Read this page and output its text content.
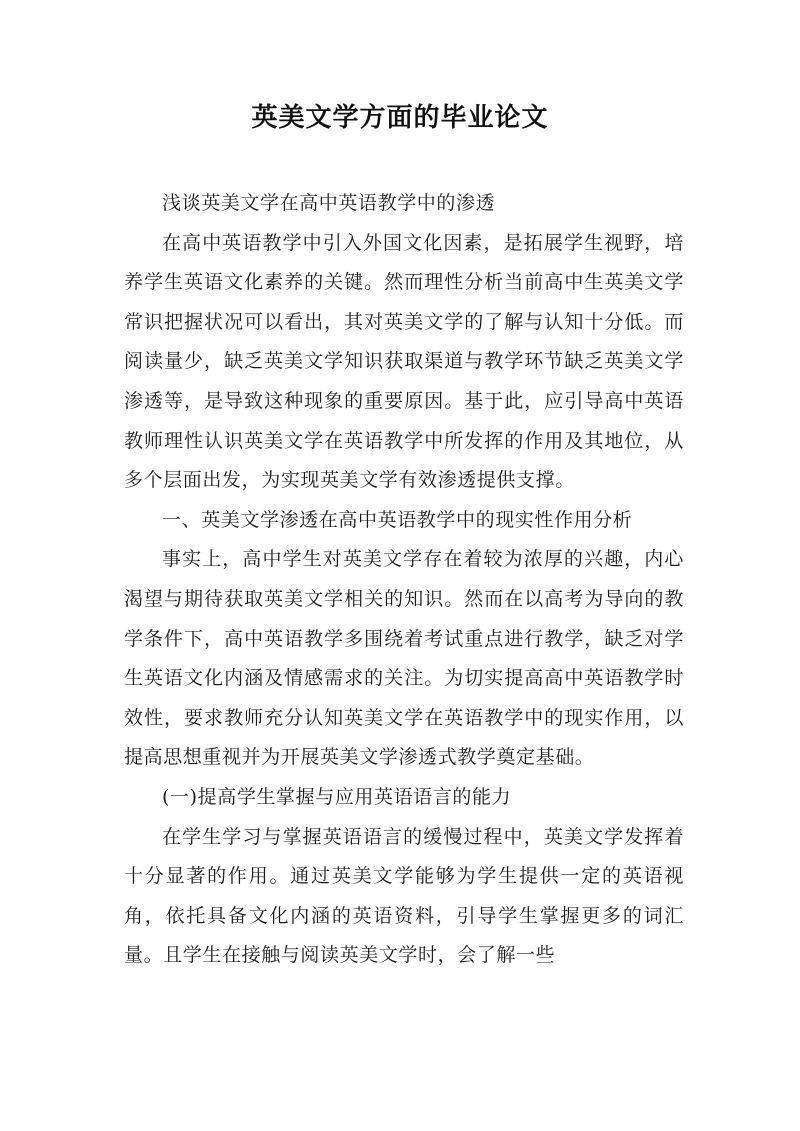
英美文学方面的毕业论文

浅谈英美文学在高中英语教学中的渗透

在高中英语教学中引入外国文化因素，是拓展学生视野，培养学生英语文化素养的关键。然而理性分析当前高中生英美文学常识把握状况可以看出，其对英美文学的了解与认知十分低。而阅读量少，缺乏英美文学知识获取渠道与教学环节缺乏英美文学渗透等，是导致这种现象的重要原因。基于此，应引导高中英语教师理性认识英美文学在英语教学中所发挥的作用及其地位，从多个层面出发，为实现英美文学有效渗透提供支撑。

一、英美文学渗透在高中英语教学中的现实性作用分析

事实上，高中学生对英美文学存在着较为浓厚的兴趣，内心渴望与期待获取英美文学相关的知识。然而在以高考为导向的教学条件下，高中英语教学多围绕着考试重点进行教学，缺乏对学生英语文化内涵及情感需求的关注。为切实提高高中英语教学时效性，要求教师充分认知英美文学在英语教学中的现实作用，以提高思想重视并为开展英美文学渗透式教学奠定基础。

(一)提高学生掌握与应用英语语言的能力

在学生学习与掌握英语语言的缓慢过程中，英美文学发挥着十分显著的作用。通过英美文学能够为学生提供一定的英语视角，依托具备文化内涵的英语资料，引导学生掌握更多的词汇量。且学生在接触与阅读英美文学时，会了解一些
